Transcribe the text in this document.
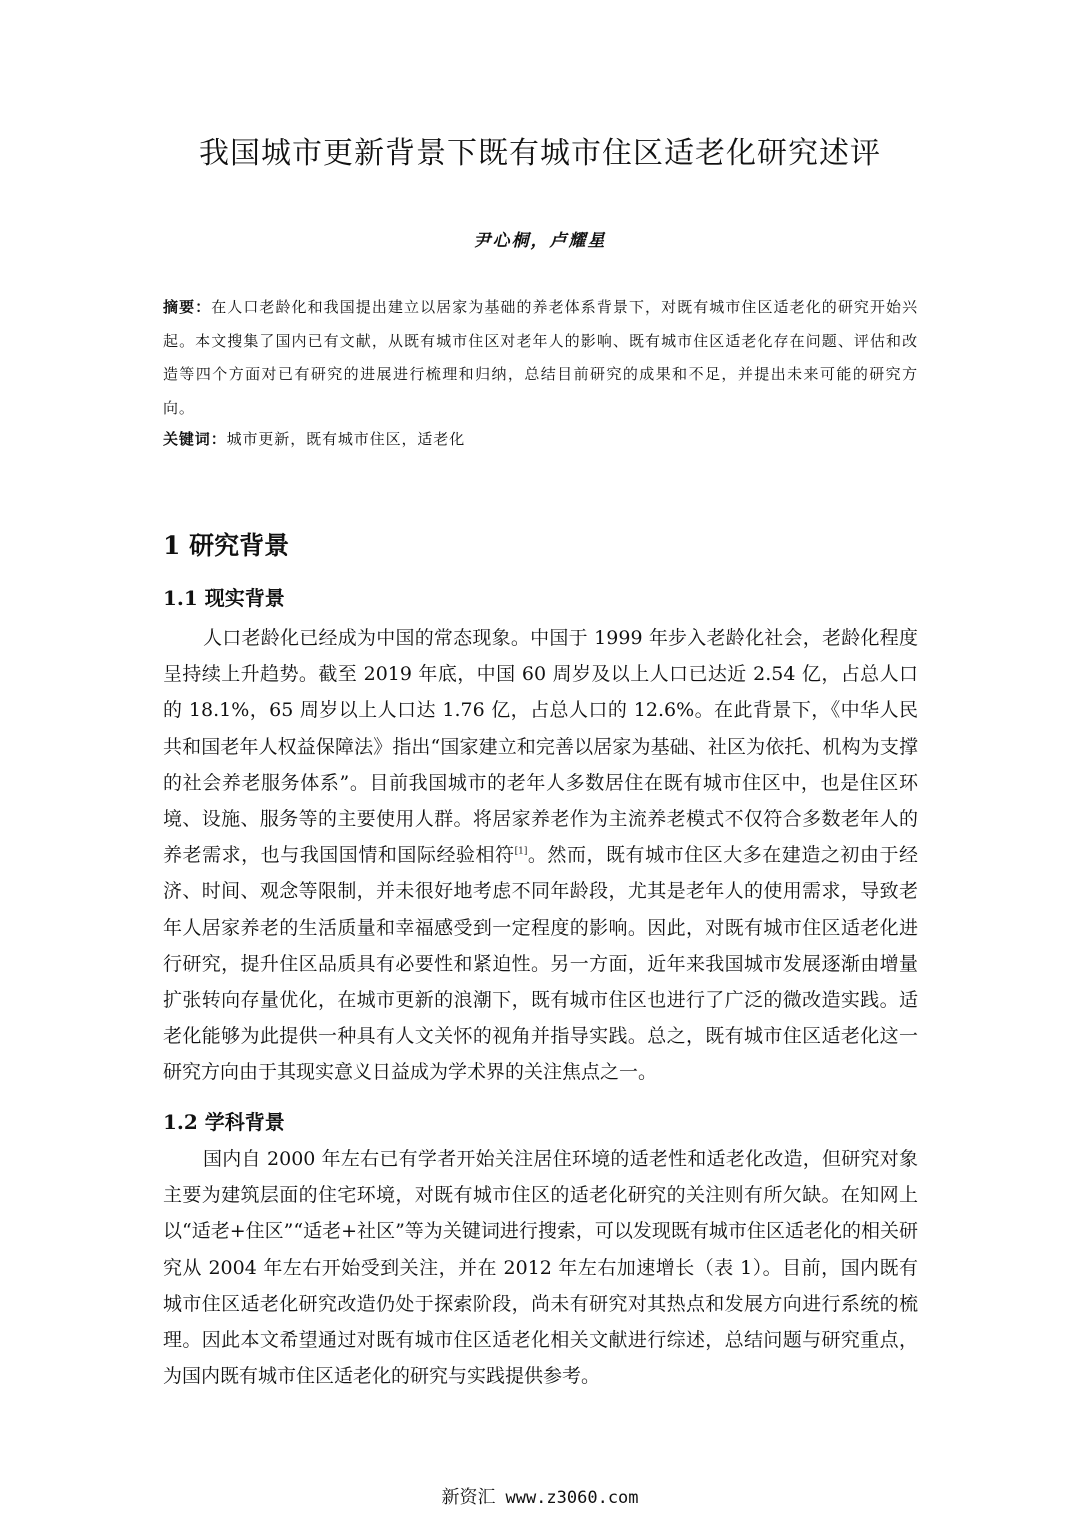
我国城市更新背景下既有城市住区适老化研究述评
尹心桐，卢耀星

摘要：在人口老龄化和我国提出建立以居家为基础的养老体系背景下，对既有城市住区适老化的研究开始兴起。本文搜集了国内已有文献，从既有城市住区对老年人的影响、既有城市住区适老化存在问题、评估和改造等四个方面对已有研究的进展进行梳理和归纳，总结目前研究的成果和不足，并提出未来可能的研究方向。

关键词：城市更新，既有城市住区，适老化

1 研究背景
1.1 现实背景

人口老龄化已经成为中国的常态现象。中国于 1999 年步入老龄化社会，老龄化程度呈持续上升趋势。截至 2019 年底，中国 60 周岁及以上人口已达近 2.54 亿，占总人口的 18.1%，65 周岁以上人口达 1.76 亿，占总人口的 12.6%。在此背景下，《中华人民共和国老年人权益保障法》指出“国家建立和完善以居家为基础、社区为依托、机构为支撑的社会养老服务体系”。目前我国城市的老年人多数居住在既有城市住区中，也是住区环境、设施、服务等的主要使用人群。将居家养老作为主流养老模式不仅符合多数老年人的养老需求，也与我国国情和国际经验相符[1]。然而，既有城市住区大多在建造之初由于经济、时间、观念等限制，并未很好地考虑不同年龄段，尤其是老年人的使用需求，导致老年人居家养老的生活质量和幸福感受到一定程度的影响。因此，对既有城市住区适老化进行研究，提升住区品质具有必要性和紧迫性。另一方面，近年来我国城市发展逐渐由增量扩张转向存量优化，在城市更新的浪潮下，既有城市住区也进行了广泛的微改造实践。适老化能够为此提供一种具有人文关怀的视角并指导实践。总之，既有城市住区适老化这一研究方向由于其现实意义日益成为学术界的关注焦点之一。

1.2 学科背景

国内自 2000 年左右已有学者开始关注居住环境的适老性和适老化改造，但研究对象主要为建筑层面的住宅环境，对既有城市住区的适老化研究的关注则有所欠缺。在知网上以“适老+住区”“适老+社区”等为关键词进行搜索，可以发现既有城市住区适老化的相关研究从 2004 年左右开始受到关注，并在 2012 年左右加速增长（表 1）。目前，国内既有城市住区适老化研究改造仍处于探索阶段，尚未有研究对其热点和发展方向进行系统的梳理。因此本文希望通过对既有城市住区适老化相关文献进行综述，总结问题与研究重点，为国内既有城市住区适老化的研究与实践提供参考。

新资汇 www.z3060.com
